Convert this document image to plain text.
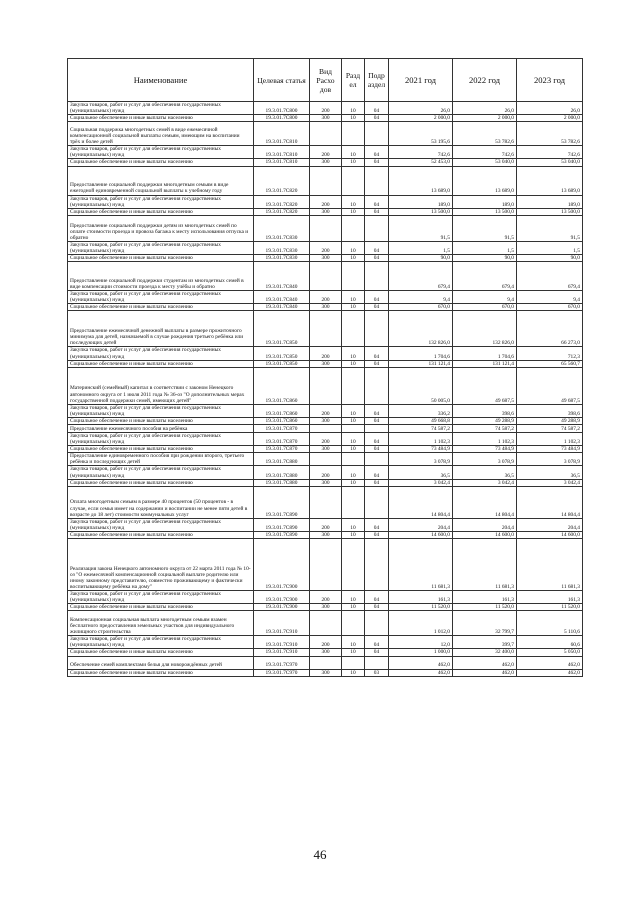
Наименование	Целевая статья	Вид Расхо дов	Разд ел	Подр аздел	2021 год	2022 год	2023 год
Закупка товаров, работ и услуг для обеспечения государственных (муниципальных) нужд	19.3.01.7С800	200	10	04	26,0	26,0	26,0
Социальное обеспечение и иные выплаты населению	19.3.01.7С800	300	10	04	2 000,0	2 000,0	2 000,0
Социальная поддержка многодетных семей в виде ежемесячной компенсационной социальной выплаты семьям, имеющим на воспитании трёх и более детей	19.3.01.7С810				53 195,6	53 782,6	53 782,6
Закупка товаров, работ и услуг для обеспечения государственных (муниципальных) нужд	19.3.01.7С810	200	10	04	742,6	742,6	742,6
Социальное обеспечение и иные выплаты населению	19.3.01.7С810	300	10	04	52 453,0	53 040,0	53 040,0
Предоставление социальной поддержки многодетным семьям в виде ежегодной единовременной социальной выплаты к учебному году	19.3.01.7С820				13 689,0	13 689,0	13 689,0
Закупка товаров, работ и услуг для обеспечения государственных (муниципальных) нужд	19.3.01.7С820	200	10	04	189,0	189,0	189,0
Социальное обеспечение и иные выплаты населению	19.3.01.7С820	300	10	04	13 500,0	13 500,0	13 500,0
Предоставление социальной поддержки детям из многодетных семей по оплате стоимости проезда и провоза багажа к месту использования отпуска и обратно	19.3.01.7С830				91,5	91,5	91,5
Закупка товаров, работ и услуг для обеспечения государственных (муниципальных) нужд	19.3.01.7С830	200	10	04	1,5	1,5	1,5
Социальное обеспечение и иные выплаты населению	19.3.01.7С830	300	10	04	90,0	90,0	90,0
Предоставление социальной поддержки студентам из многодетных семей в виде компенсации стоимости проезда к месту учёбы и обратно	19.3.01.7С840				679,4	679,4	679,4
Закупка товаров, работ и услуг для обеспечения государственных (муниципальных) нужд	19.3.01.7С840	200	10	04	9,4	9,4	9,4
Социальное обеспечение и иные выплаты населению	19.3.01.7С840	300	10	04	670,0	670,0	670,0
Предоставление ежемесячной денежной выплаты в размере прожиточного минимума для детей, назначаемой в случае рождения третьего ребёнка или последующих детей	19.3.01.7С850				132 826,0	132 826,0	66 273,0
Закупка товаров, работ и услуг для обеспечения государственных (муниципальных) нужд	19.3.01.7С850	200	10	04	1 704,6	1 704,6	712,3
Социальное обеспечение и иные выплаты населению	19.3.01.7С850	300	10	04	131 121,4	131 121,4	65 560,7
Материнский (семейный) капитал в соответствии с законом Ненецкого автономного округа от 1 июля 2011 года № 36-оз "О дополнительных мерах государственной поддержки семей, имеющих детей"	19.3.01.7С860				50 005,0	49 687,5	49 687,5
Закупка товаров, работ и услуг для обеспечения государственных (муниципальных) нужд	19.3.01.7С860	200	10	04	336,2	398,6	398,6
Социальное обеспечение и иные выплаты населению	19.3.01.7С860	300	10	04	49 668,8	49 288,9	49 288,9
Предоставление ежемесячного пособия на ребёнка	19.3.01.7С870				74 587,2	74 587,2	74 587,2
Закупка товаров, работ и услуг для обеспечения государственных (муниципальных) нужд	19.3.01.7С870	200	10	04	1 102,3	1 102,3	1 102,3
Социальное обеспечение и иные выплаты населению	19.3.01.7С870	300	10	04	73 484,9	73 484,9	73 484,9
Предоставление единовременного пособия при рождении второго, третьего ребёнка и последующих детей	19.3.01.7С880				3 078,9	3 078,9	3 078,9
Закупка товаров, работ и услуг для обеспечения государственных (муниципальных) нужд	19.3.01.7С880	200	10	04	36,5	36,5	36,5
Социальное обеспечение и иные выплаты населению	19.3.01.7С880	300	10	04	3 042,4	3 042,4	3 042,4
Оплата многодетным семьям в размере 40 процентов (50 процентов - в случае, если семья имеет на содержании и воспитании не менее пяти детей в возрасте до 18 лет) стоимости коммунальных услуг	19.3.01.7С890				14 804,4	14 804,4	14 804,4
Закупка товаров, работ и услуг для обеспечения государственных (муниципальных) нужд	19.3.01.7С890	200	10	04	204,4	204,4	204,4
Социальное обеспечение и иные выплаты населению	19.3.01.7С890	300	10	04	14 600,0	14 600,0	14 600,0
Реализация закона Ненецкого автономного округа от 22 марта 2011 года № 10-оз "О ежемесячной компенсационной социальной выплате родителю или иному законному представителю, совместно проживающему и фактически воспитывающему ребёнка на дому"	19.3.01.7С900				11 681,3	11 681,3	11 681,3
Закупка товаров, работ и услуг для обеспечения государственных (муниципальных) нужд	19.3.01.7С900	200	10	04	161,3	161,3	161,3
Социальное обеспечение и иные выплаты населению	19.3.01.7С900	300	10	04	11 520,0	11 520,0	11 520,0
Компенсационная социальная выплата многодетным семьям взамен бесплатного предоставления земельных участков для индивидуального жилищного строительства	19.3.01.7С910				1 012,0	32 799,7	5 110,6
Закупка товаров, работ и услуг для обеспечения государственных (муниципальных) нужд	19.3.01.7С910	200	10	04	12,0	399,7	60,6
Социальное обеспечение и иные выплаты населению	19.3.01.7С910	300	10	04	1 000,0	32 400,0	5 050,0
Обеспечение семей комплектами белья для новорождённых детей	19.3.01.7С970				462,0	462,0	462,0
Социальное обеспечение и иные выплаты населению	19.3.01.7С970	300	10	03	462,0	462,0	462,0
46
